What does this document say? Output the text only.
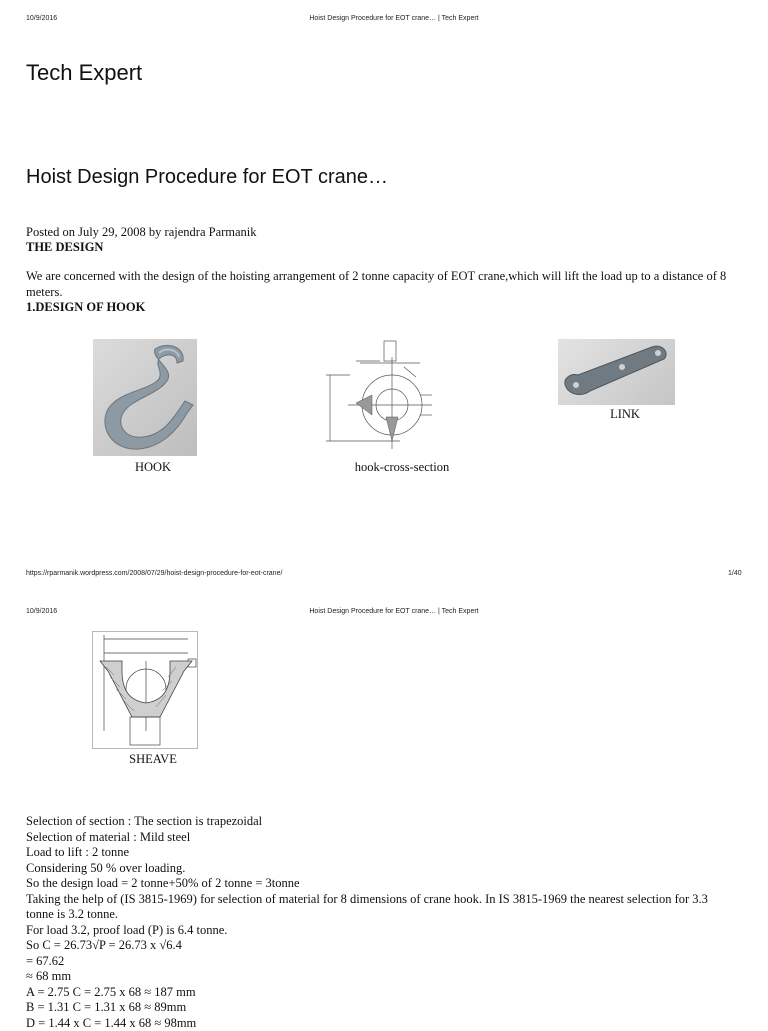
10/9/2016	Hoist Design Procedure for EOT crane… | Tech Expert
Tech Expert
Hoist Design Procedure for EOT crane…
Posted on July 29, 2008 by rajendra Parmanik
THE DESIGN
We are concerned with the design of the hoisting arrangement of 2 tonne capacity of EOT crane,which will lift the load up to a distance of 8 meters.
1.DESIGN OF HOOK
HOOK	hook-cross-section
LINK
https://rparmanik.wordpress.com/2008/07/29/hoist-design-procedure-for-eot-crane/	1/40
10/9/2016	Hoist Design Procedure for EOT crane… | Tech Expert
SHEAVE
Selection of section : The section is trapezoidal
Selection of material : Mild steel
Load to lift : 2 tonne
Considering 50 % over loading.
So the design load = 2 tonne+50% of 2 tonne = 3tonne
Taking the help of (IS 3815-1969) for selection of material for 8 dimensions of crane hook. In IS 3815-1969 the nearest selection for 3.3
tonne is 3.2 tonne.
For load 3.2, proof load (P) is 6.4 tonne.
So C = 26.73√P = 26.73 x √6.4
= 67.62
≈ 68 mm
A = 2.75 C = 2.75 x 68 ≈ 187 mm
B = 1.31 C = 1.31 x 68 ≈ 89mm
D = 1.44 x C = 1.44 x 68 ≈ 98mm
